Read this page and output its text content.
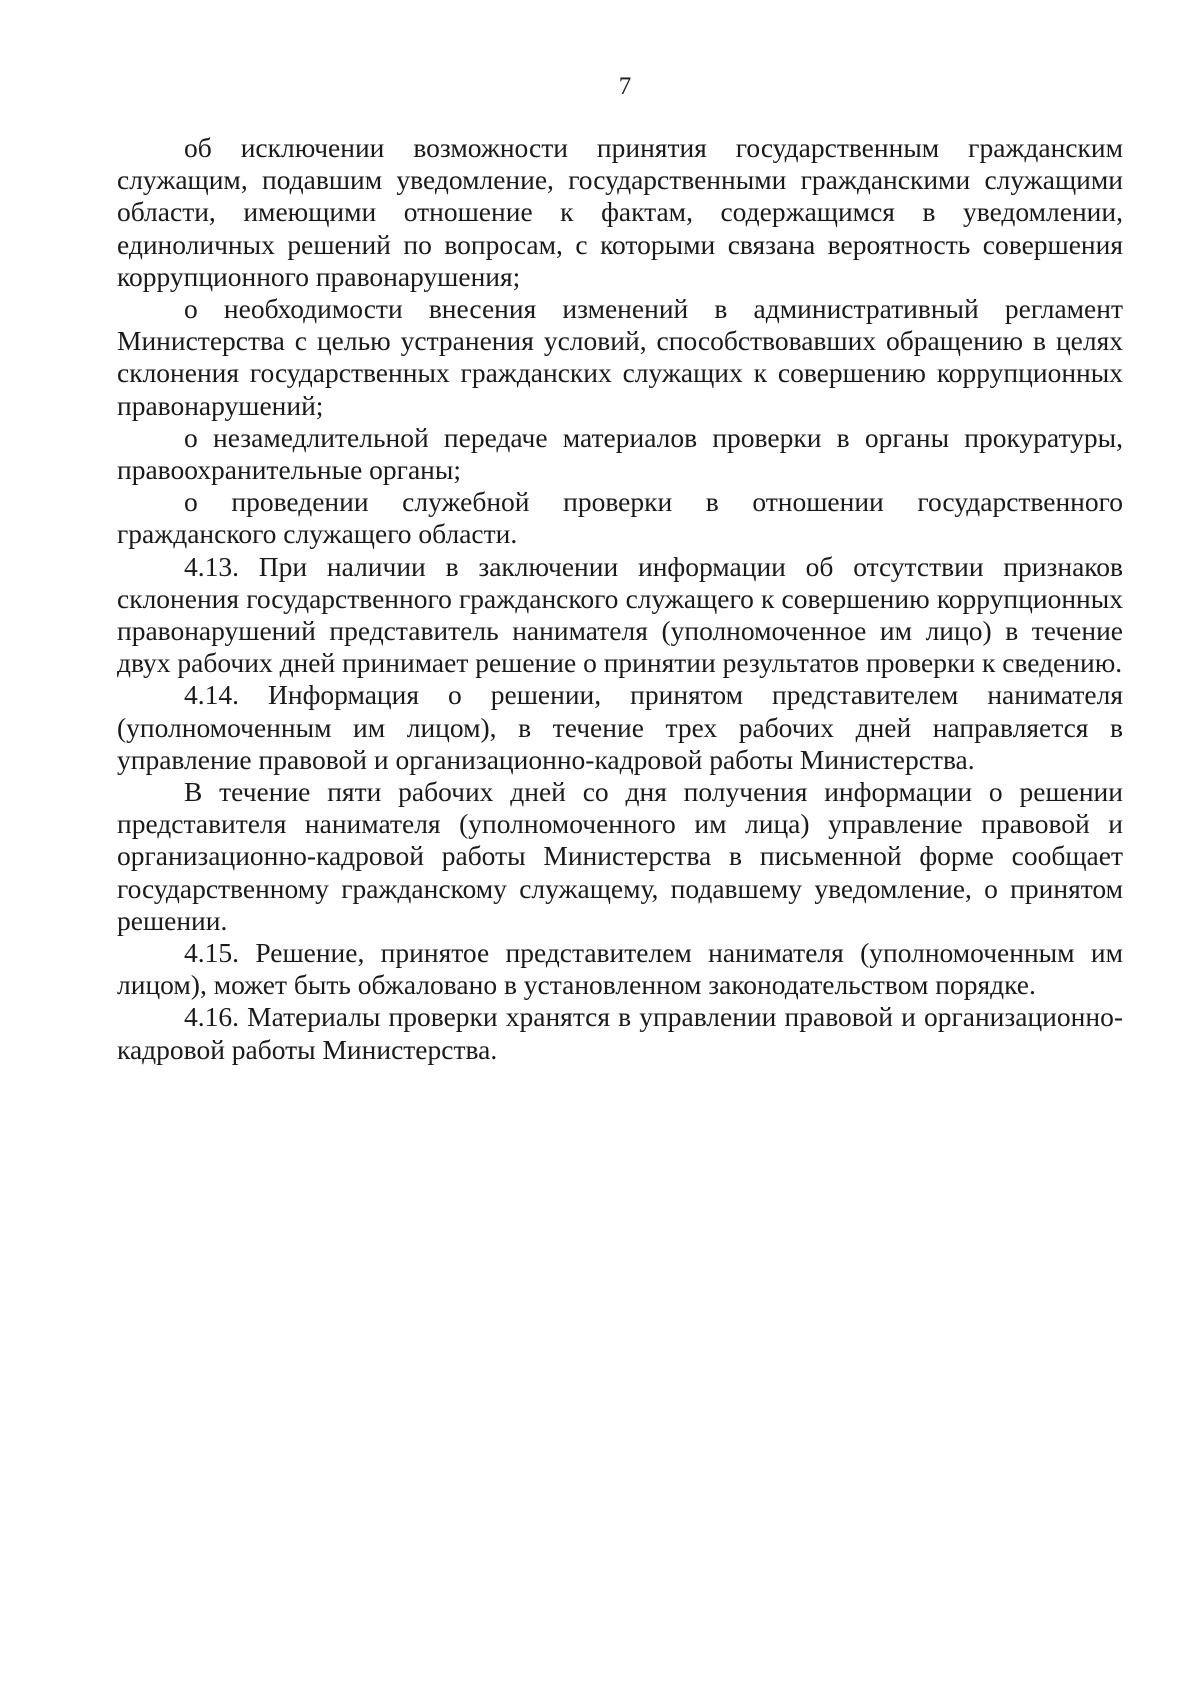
7

об исключении возможности принятия государственным гражданским служащим, подавшим уведомление, государственными гражданскими служащими области, имеющими отношение к фактам, содержащимся в уведомлении, единоличных решений по вопросам, с которыми связана вероятность совершения коррупционного правонарушения;

о необходимости внесения изменений в административный регламент Министерства с целью устранения условий, способствовавших обращению в целях склонения государственных гражданских служащих к совершению коррупционных правонарушений;

о незамедлительной передаче материалов проверки в органы прокуратуры, правоохранительные органы;

о проведении служебной проверки в отношении государственного гражданского служащего области.

4.13. При наличии в заключении информации об отсутствии признаков склонения государственного гражданского служащего к совершению коррупционных правонарушений представитель нанимателя (уполномоченное им лицо) в течение двух рабочих дней принимает решение о принятии результатов проверки к сведению.

4.14. Информация о решении, принятом представителем нанимателя (уполномоченным им лицом), в течение трех рабочих дней направляется в управление правовой и организационно-кадровой работы Министерства.

В течение пяти рабочих дней со дня получения информации о решении представителя нанимателя (уполномоченного им лица) управление правовой и организационно-кадровой работы Министерства в письменной форме сообщает государственному гражданскому служащему, подавшему уведомление, о принятом решении.

4.15. Решение, принятое представителем нанимателя (уполномоченным им лицом), может быть обжаловано в установленном законодательством порядке.

4.16. Материалы проверки хранятся в управлении правовой и организационно-кадровой работы Министерства.
